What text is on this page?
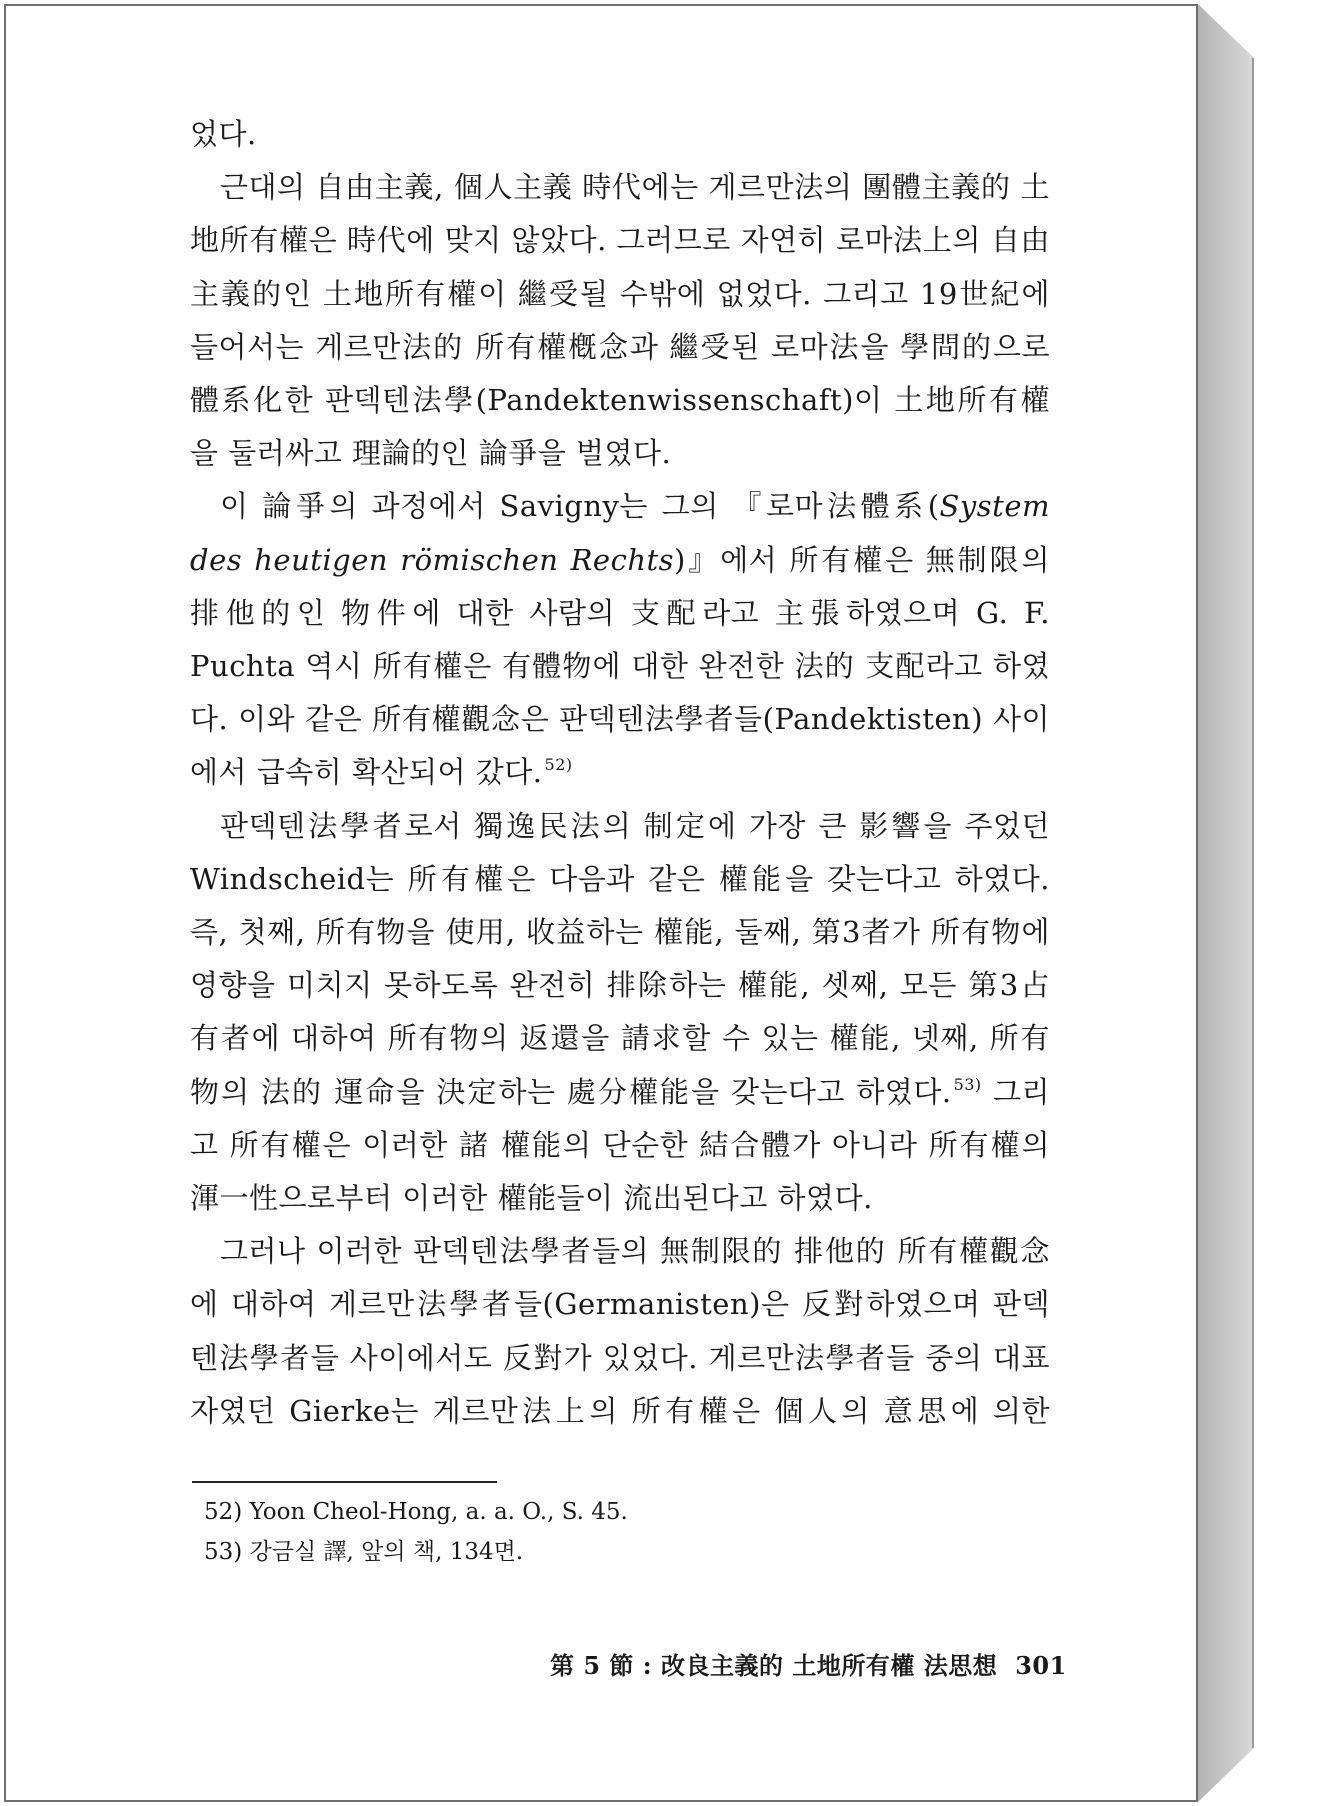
었다.

근대의 自由主義, 個人主義 時代에는 게르만法의 團體主義的 土地所有權은 時代에 맞지 않았다. 그러므로 자연히 로마法上의 自由主義的인 土地所有權이 繼受될 수밖에 없었다. 그리고 19世紀에 들어서는 게르만法的 所有權槪念과 繼受된 로마法을 學問的으로 體系化한 판덱텐法學(Pandektenwissenschaft)이 土地所有權을 둘러싸고 理論的인 論爭을 벌였다.

이 論爭의 과정에서 Savigny는 그의 『로마法體系(System des heutigen römischen Rechts)』에서 所有權은 無制限의 排他的인 物件에 대한 사람의 支配라고 主張하였으며 G. F. Puchta 역시 所有權은 有體物에 대한 완전한 法的 支配라고 하였다. 이와 같은 所有權觀念은 판덱텐法學者들(Pandektisten) 사이에서 급속히 확산되어 갔다. $^{52)}$

판덱텐法學者로서 獨逸民法의 制定에 가장 큰 影響을 주었던 Windscheid는 所有權은 다음과 같은 權能을 갖는다고 하였다. 즉, 첫째, 所有物을 使用, 收益하는 權能, 둘째, 第3者가 所有物에 영향을 미치지 못하도록 완전히 排除하는 權能, 셋째, 모든 第3占有者에 대하여 所有物의 返還을 請求할 수 있는 權能, 넷째, 所有物의 法的 運命을 決定하는 處分權能을 갖는다고 하였다. $^{53)}$ 그리고 所有權은 이러한 諸 權能의 단순한 結合體가 아니라 所有權의 渾一性으로부터 이러한 權能들이 流出된다고 하였다.

그러나 이러한 판덱텐法學者들의 無制限的 排他的 所有權觀念에 대하여 게르만法學者들(Germanisten)은 反對하였으며 판덱텐法學者들 사이에서도 反對가 있었다. 게르만法學者들 중의 대표자였던 Gierke는 게르만法上의 所有權은 個人의 意思에 의한

52) Yoon Cheol-Hong, a. a. O., S. 45.

53) 강금실 譯, 앞의 책, 134면.

第 5 節 : 改良主義的 土地所有權 法思想 301
